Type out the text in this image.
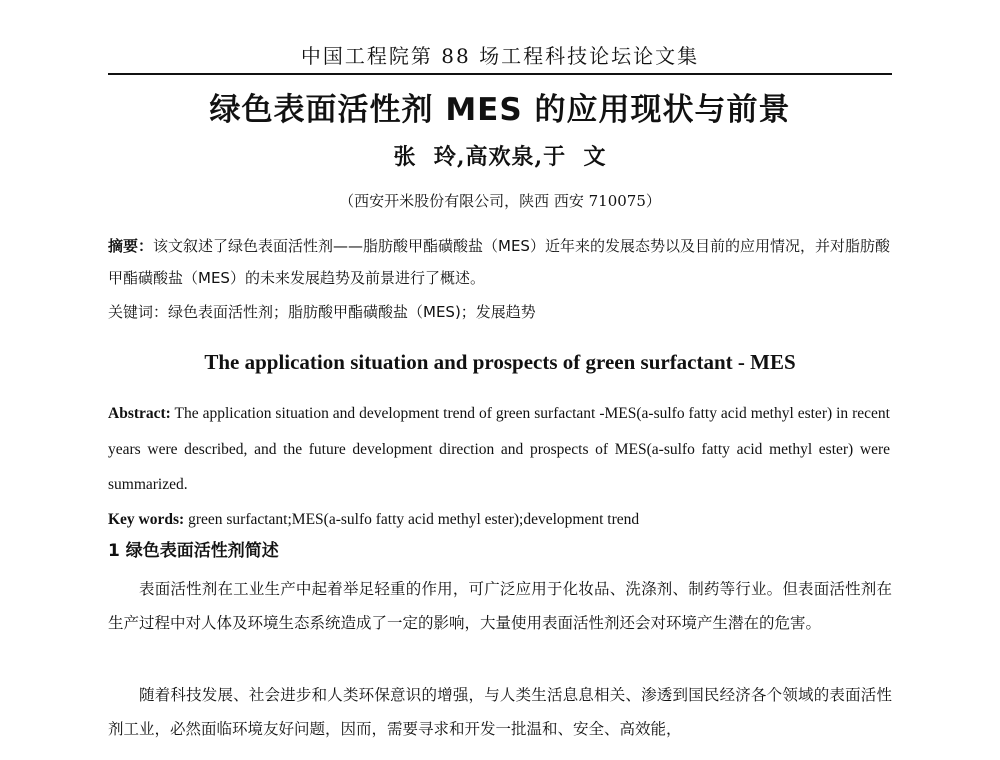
中国工程院第 88 场工程科技论坛论文集
绿色表面活性剂 MES 的应用现状与前景
张  玲,高欢泉,于  文
（西安开米股份有限公司，陕西 西安 710075）
摘要：该文叙述了绿色表面活性剂——脂肪酸甲酯磺酸盐（MES）近年来的发展态势以及目前的应用情况，并对脂肪酸甲酯磺酸盐（MES）的未来发展趋势及前景进行了概述。
关键词：绿色表面活性剂；脂肪酸甲酯磺酸盐（MES)；发展趋势
The application situation and prospects of green surfactant - MES
Abstract: The application situation and development trend of green surfactant -MES(a-sulfo fatty acid methyl ester) in recent years were described, and the future development direction and prospects of MES(a-sulfo fatty acid methyl ester) were summarized.
Key words: green surfactant;MES(a-sulfo fatty acid methyl ester);development trend
1 绿色表面活性剂简述
表面活性剂在工业生产中起着举足轻重的作用，可广泛应用于化妆品、洗涤剂、制药等行业。但表面活性剂在生产过程中对人体及环境生态系统造成了一定的影响，大量使用表面活性剂还会对环境产生潜在的危害。
随着科技发展、社会进步和人类环保意识的增强，与人类生活息息相关、渗透到国民经济各个领域的表面活性剂工业，必然面临环境友好问题，因而，需要寻求和开发一批温和、安全、高效能，
